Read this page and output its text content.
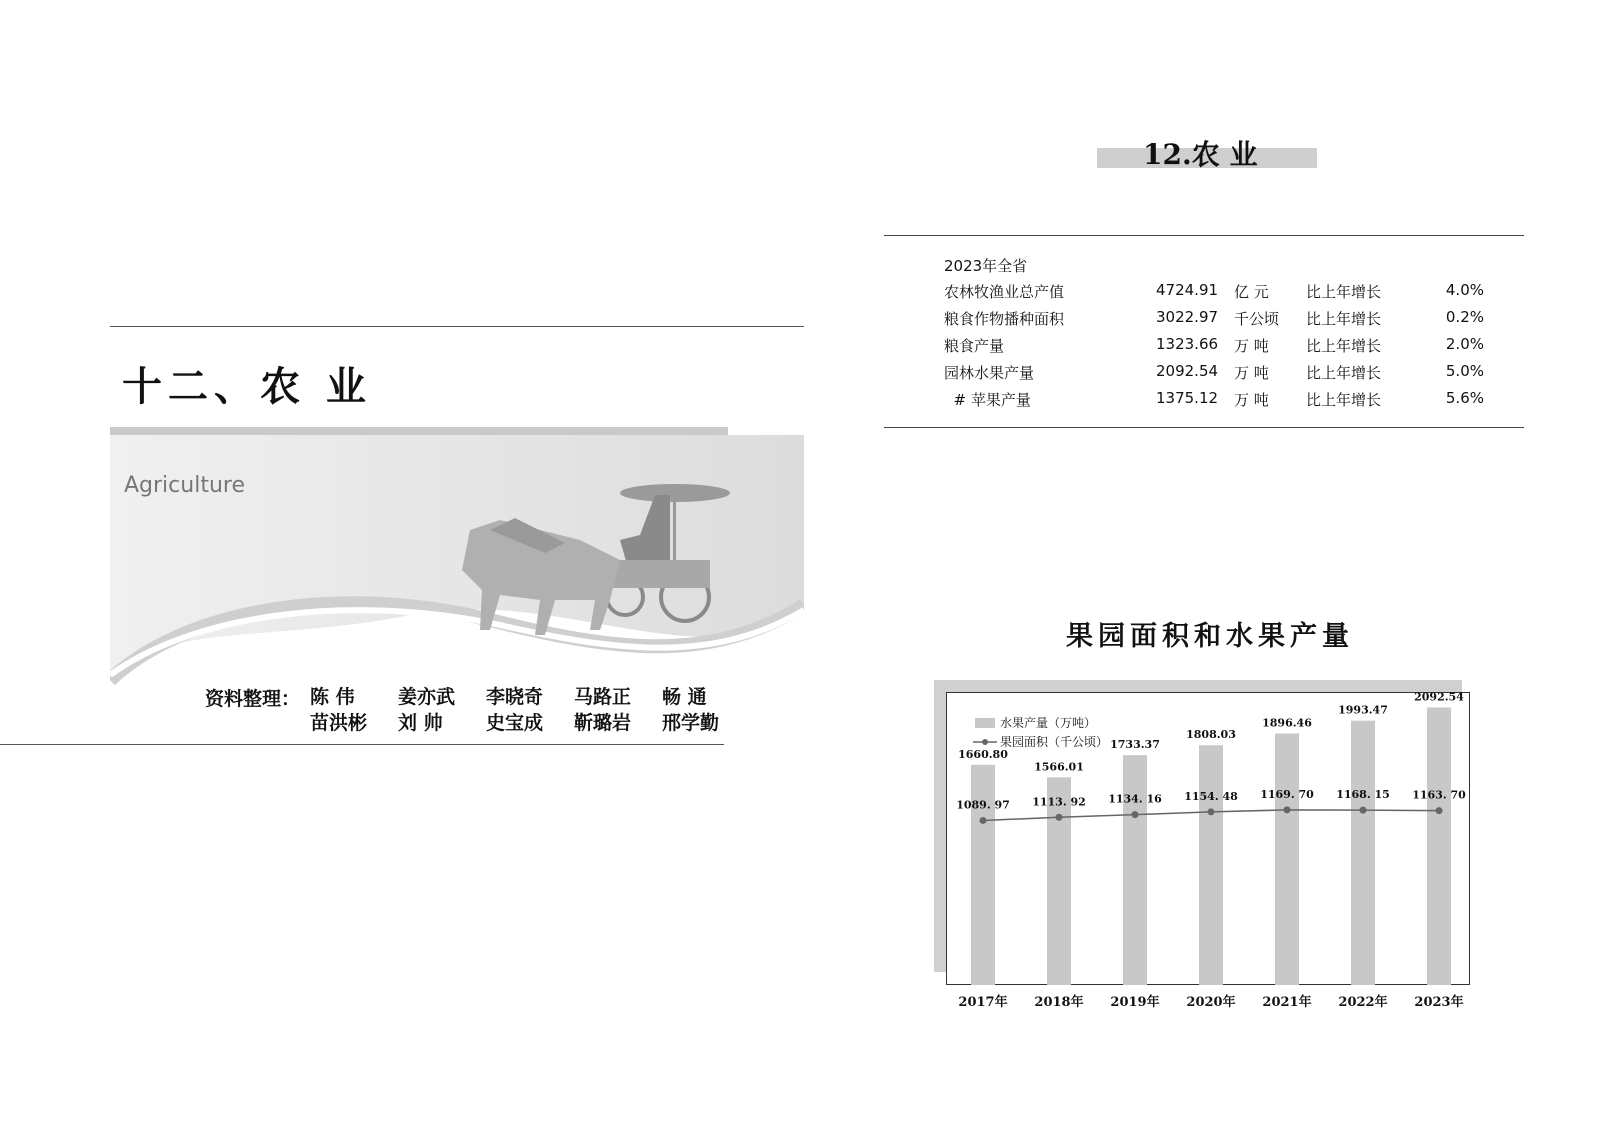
十二、农 业
Agriculture
资料整理： 陈 伟	姜亦武	李晓奇	马路正	畅 通
苗洪彬	刘 帅	史宝成	靳璐岩	邢学勤
12.农 业
2023年全省
农林牧渔业总产值	4724.91 亿 元 比上年增长	4.0%
粮食作物播种面积	3022.97 千公顷 比上年增长	0.2%
粮食产量	1323.66 万 吨 比上年增长	2.0%
园林水果产量	2092.54 万 吨 比上年增长	5.0%
# 苹果产量	1375.12 万 吨 比上年增长	5.6%
果园面积和水果产量
1660.80
2017年
1566.01
2018年
1733.37
2019年
1808.03
2020年
1896.46
2021年
1993.47
2022年
2092.54
2023年
1089. 97 1113. 92 1134. 16 1154. 48 1169. 70 1168. 15 1163. 70
水果产量（万吨）
果园面积（千公顷）
